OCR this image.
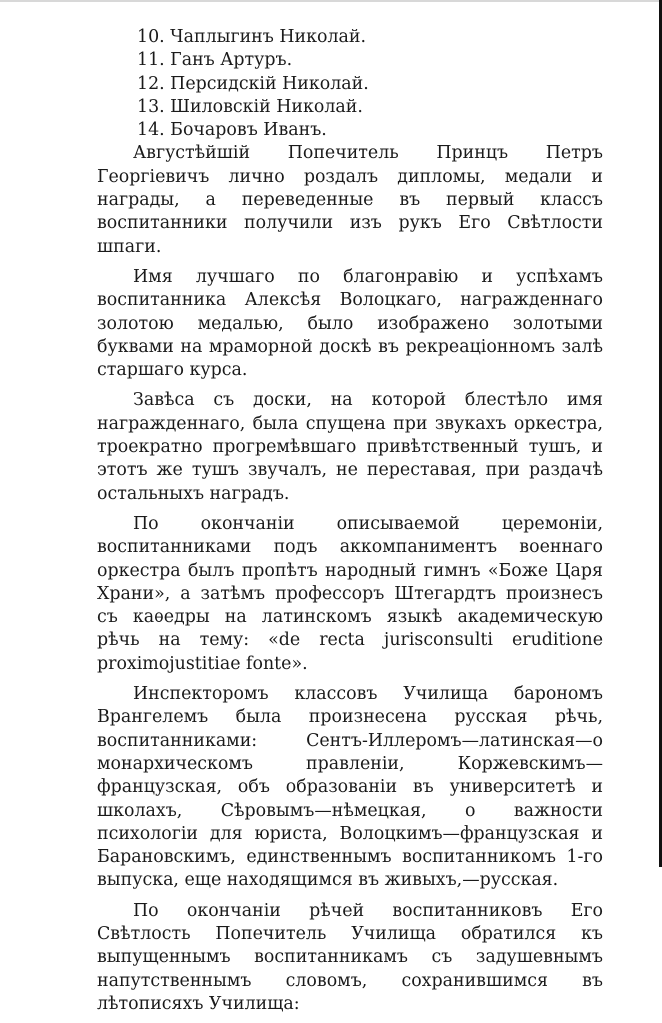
10. Чаплыгинъ Николай.
11. Ганъ Артуръ.
12. Персидскій Николай.
13. Шиловскій Николай.
14. Бочаровъ Иванъ.

Августѣйшій Попечитель Принцъ Петръ Георгіевичъ лично роздалъ дипломы, медали и награды, а переведенные въ первый классъ воспитанники получили изъ рукъ Его Свѣтлости шпаги.

Имя лучшаго по благонравію и успѣхамъ воспитанника Алексѣя Волоцкаго, награжденнаго золотою медалью, было изображено золотыми буквами на мраморной доскѣ въ рекреаціонномъ залѣ старшаго курса.

Завѣса съ доски, на которой блестѣло имя награжденнаго, была спущена при звукахъ оркестра, троекратно прогремѣвшаго привѣтственный тушъ, и этотъ же тушъ звучалъ, не переставая, при раздачѣ остальныхъ наградъ.

По окончаніи описываемой церемоніи, воспитанниками подъ аккомпаниментъ военнаго оркестра былъ пропѣтъ народный гимнъ «Боже Царя Храни», а затѣмъ профессоръ Штегардтъ произнесъ съ каѳедры на латинскомъ языкѣ академическую рѣчь на тему: «de recta jurisconsulti eruditione proximojustitiae fonte».

Инспекторомъ классовъ Училища барономъ Врангелемъ была произнесена русская рѣчь, воспитанниками: Сентъ-Иллеромъ—латинская—о монархическомъ правленіи, Коржевскимъ—французская, объ образованіи въ университетѣ и школахъ, Сѣровымъ—нѣмецкая, о важности психологіи для юриста, Волоцкимъ—французская и Барановскимъ, единственнымъ воспитанникомъ 1-го выпуска, еще находящимся въ живыхъ,—русская.

По окончаніи рѣчей воспитанниковъ Его Свѣтлость Попечитель Училища обратился къ выпущеннымъ воспитанникамъ съ задушевнымъ напутственнымъ словомъ, сохранившимся въ лѣтописяхъ Училища:
